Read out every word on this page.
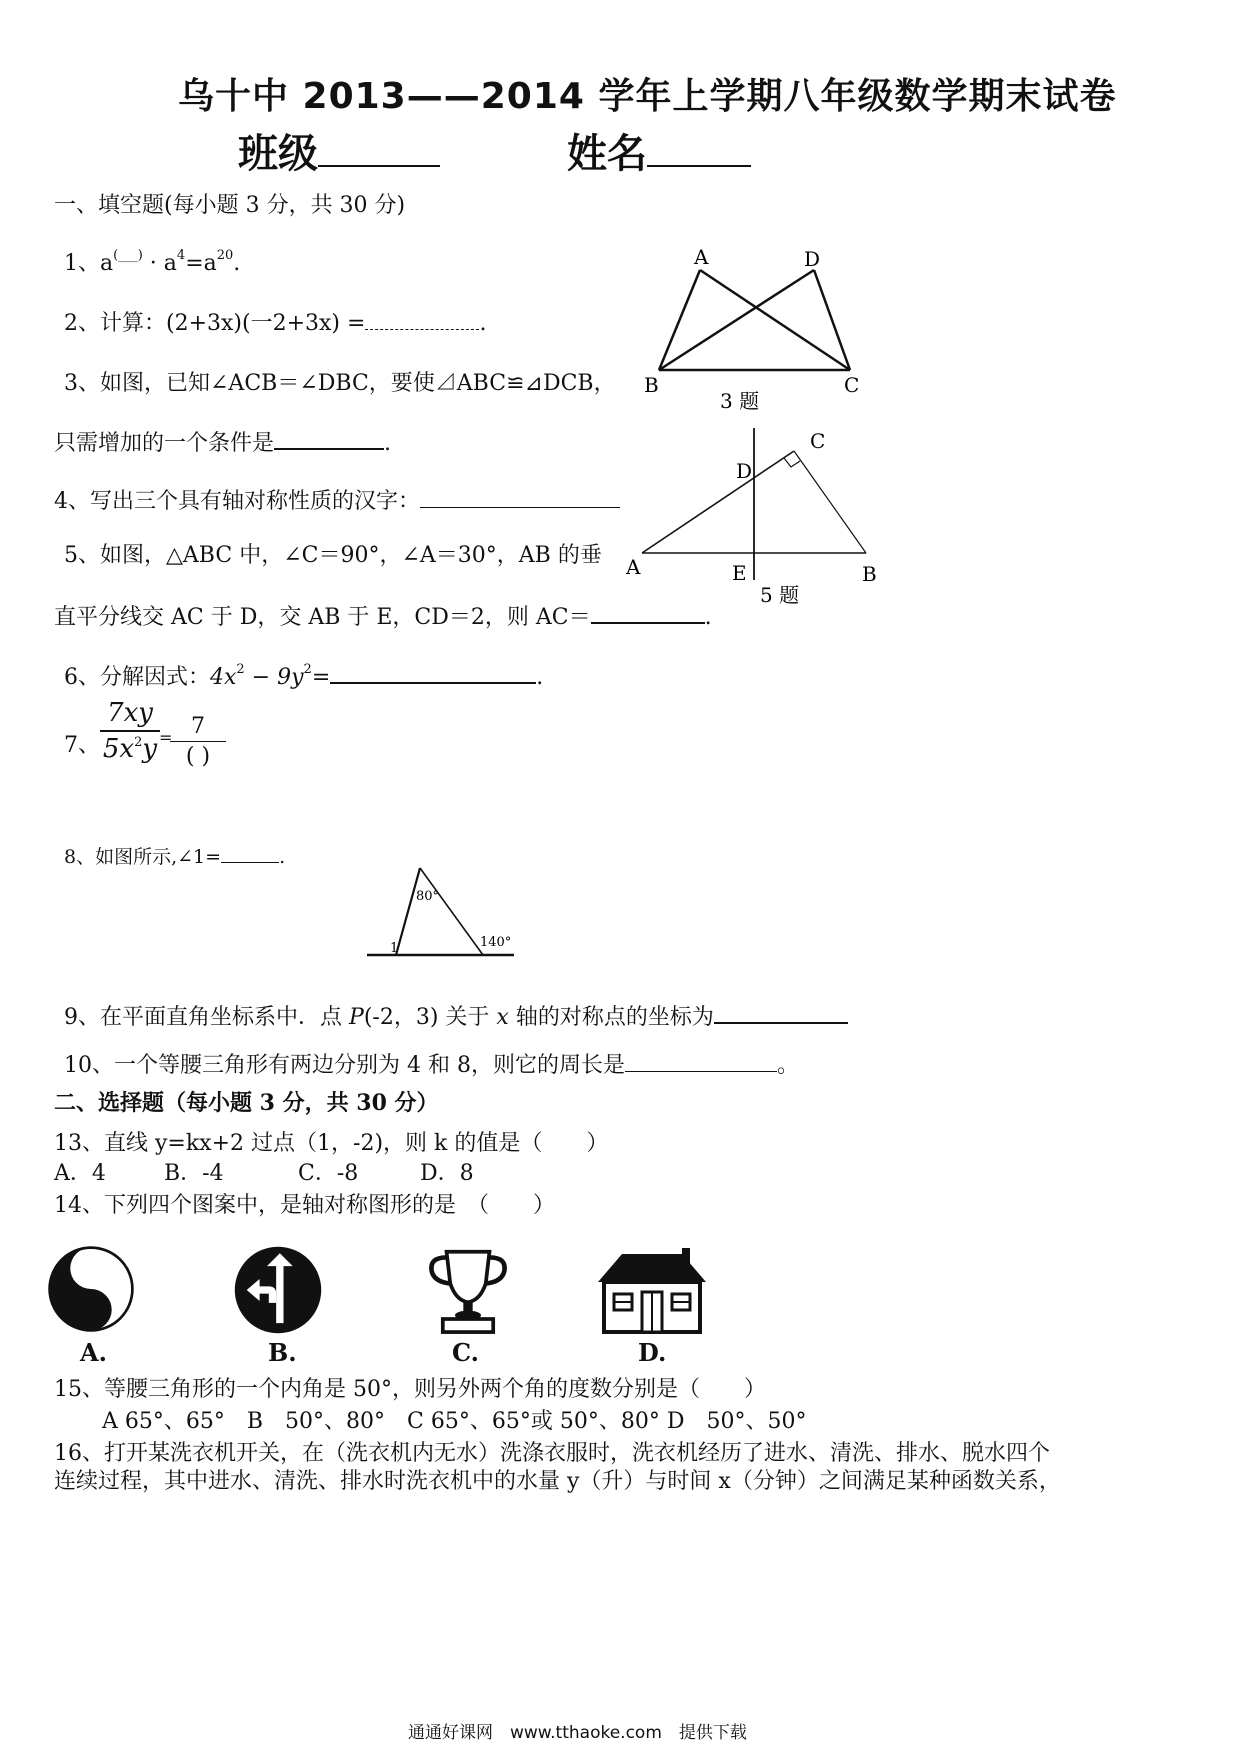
乌十中 2013——2014 学年上学期八年级数学期末试卷
班级	姓名
一、填空题(每小题 3 分，共 30 分)
1、$a^{(\_\_\_)} \cdot a^4=a^{20}$.
2、计算：(2+3x)(一2+3x) =	.
3、如图，已知∠ACB＝∠DBC，要使⊿ABC≌⊿DCB，
只需增加的一个条件是	.
A	D
B	C
3 题
4、写出三个具有轴对称性质的汉字：
5、如图，△ABC 中，∠C＝90°，∠A＝30°，AB 的垂
直平分线交 AC 于 D，交 AB 于 E，CD＝2，则 AC＝	.
A	B
C
D
E
5 题
6、分解因式：$4x^2 - 9y^2=$	.
7、 $\frac{7xy}{5x^2y} = 7$
( )
8、如图所示,∠1=	.
80°
140°
1
9、在平面直角坐标系中．点 P(-2，3) 关于 x 轴的对称点的坐标为
10、一个等腰三角形有两边分别为 4 和 8，则它的周长是	。
二、选择题（每小题 3 分，共 30 分）
13、直线 y=kx+2 过点（1，-2)，则 k 的值是（　　）
A．4	B．-4	C．-8	D．8
14、下列四个图案中，是轴对称图形的是　（　　）
A.	B.	C.	D.
15、等腰三角形的一个内角是 50°，则另外两个角的度数分别是（　　）
A 65°、65°　B　50°、80°　C 65°、65°或 50°、80° D　50°、50°
16、打开某洗衣机开关，在（洗衣机内无水）洗涤衣服时，洗衣机经历了进水、清洗、排水、脱水四个
连续过程，其中进水、清洗、排水时洗衣机中的水量 y（升）与时间 x（分钟）之间满足某种函数关系，
通通好课网　www.tthaoke.com　提供下载
